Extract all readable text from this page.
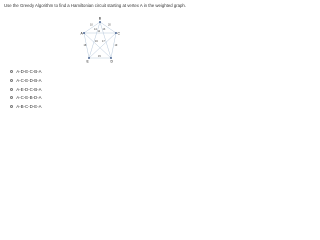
Use the Greedy Algorithm to find a Hamiltonian circuit starting at vertex A in the weighted graph.
10	20
14 13
11
18
16 17
19
15
B
A	C
E	D
A-D-E-C-B-A
A-C-E-D-B-A
A-E-D-C-B-A
A-C-E-B-D-A
A-B-C-D-E-A
